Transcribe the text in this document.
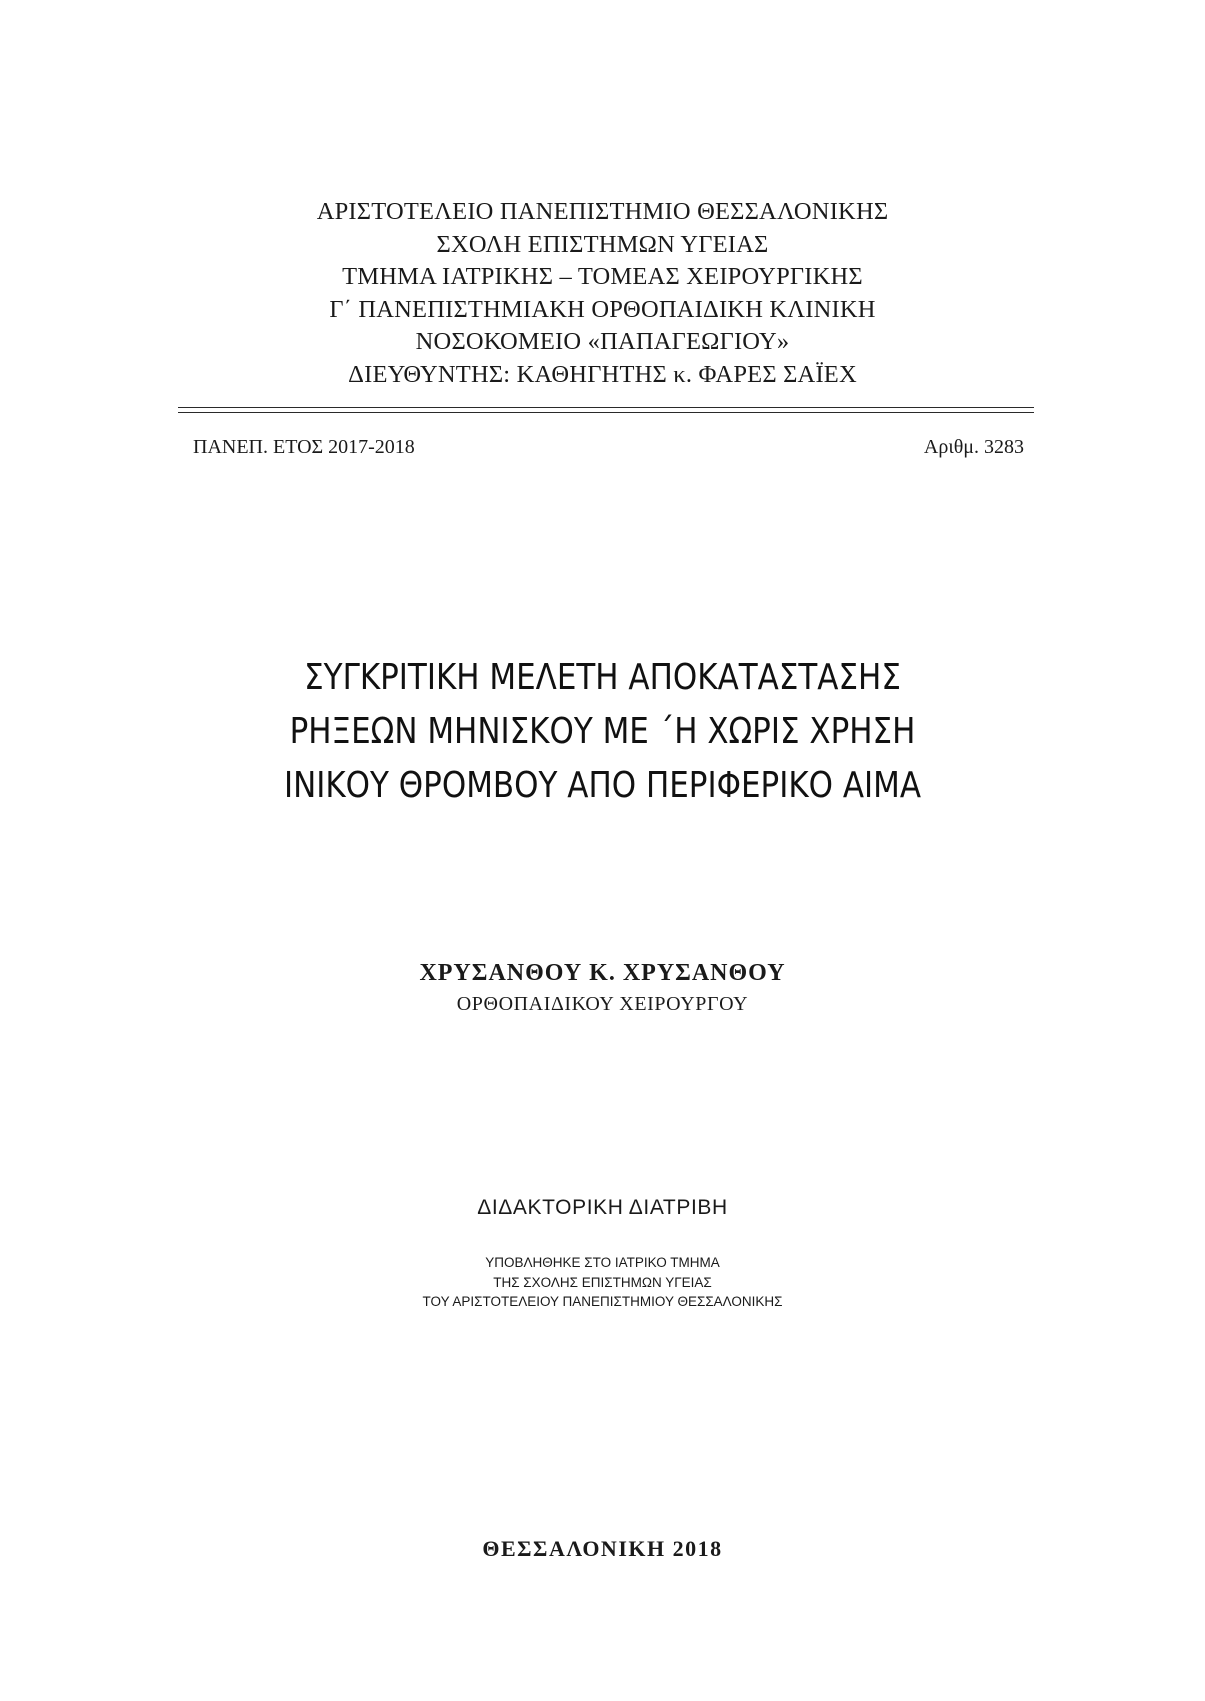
ΑΡΙΣΤΟΤΕΛΕΙΟ ΠΑΝΕΠΙΣΤΗΜΙΟ ΘΕΣΣΑΛΟΝΙΚΗΣ
ΣΧΟΛΗ ΕΠΙΣΤΗΜΩΝ ΥΓΕΙΑΣ
ΤΜΗΜΑ ΙΑΤΡΙΚΗΣ – ΤΟΜΕΑΣ ΧΕΙΡΟΥΡΓΙΚΗΣ
Γ΄ ΠΑΝΕΠΙΣΤΗΜΙΑΚΗ ΟΡΘΟΠΑΙΔΙΚΗ ΚΛΙΝΙΚΗ
ΝΟΣΟΚΟΜΕΙΟ «ΠΑΠΑΓΕΩΓΙΟΥ»
ΔΙΕΥΘΥΝΤΗΣ: ΚΑΘΗΓΗΤΗΣ κ. ΦΑΡΕΣ ΣΑΪΕΧ
ΠΑΝΕΠ. ΕΤΟΣ 2017-2018	Αριθμ. 3283
ΣΥΓΚΡΙΤΙΚΗ ΜΕΛΕΤΗ ΑΠΟΚΑΤΑΣΤΑΣΗΣ
ΡΗΞΕΩΝ ΜΗΝΙΣΚΟΥ ΜΕ ΄Η ΧΩΡΙΣ ΧΡΗΣΗ
ΙΝΙΚΟΥ ΘΡΟΜΒΟΥ ΑΠΟ ΠΕΡΙΦΕΡΙΚΟ ΑΙΜΑ
ΧΡΥΣΑΝΘΟΥ Κ. ΧΡΥΣΑΝΘΟΥ
ΟΡΘΟΠΑΙΔΙΚΟΥ ΧΕΙΡΟΥΡΓΟΥ
ΔΙΔΑΚΤΟΡΙΚΗ ΔΙΑΤΡΙΒΗ
ΥΠΟΒΛΗΘΗΚΕ ΣΤΟ ΙΑΤΡΙΚΟ ΤΜΗΜΑ
ΤΗΣ ΣΧΟΛΗΣ ΕΠΙΣΤΗΜΩΝ ΥΓΕΙΑΣ
ΤΟΥ ΑΡΙΣΤΟΤΕΛΕΙΟΥ ΠΑΝΕΠΙΣΤΗΜΙΟΥ ΘΕΣΣΑΛΟΝΙΚΗΣ
ΘΕΣΣΑΛΟΝΙΚΗ 2018
